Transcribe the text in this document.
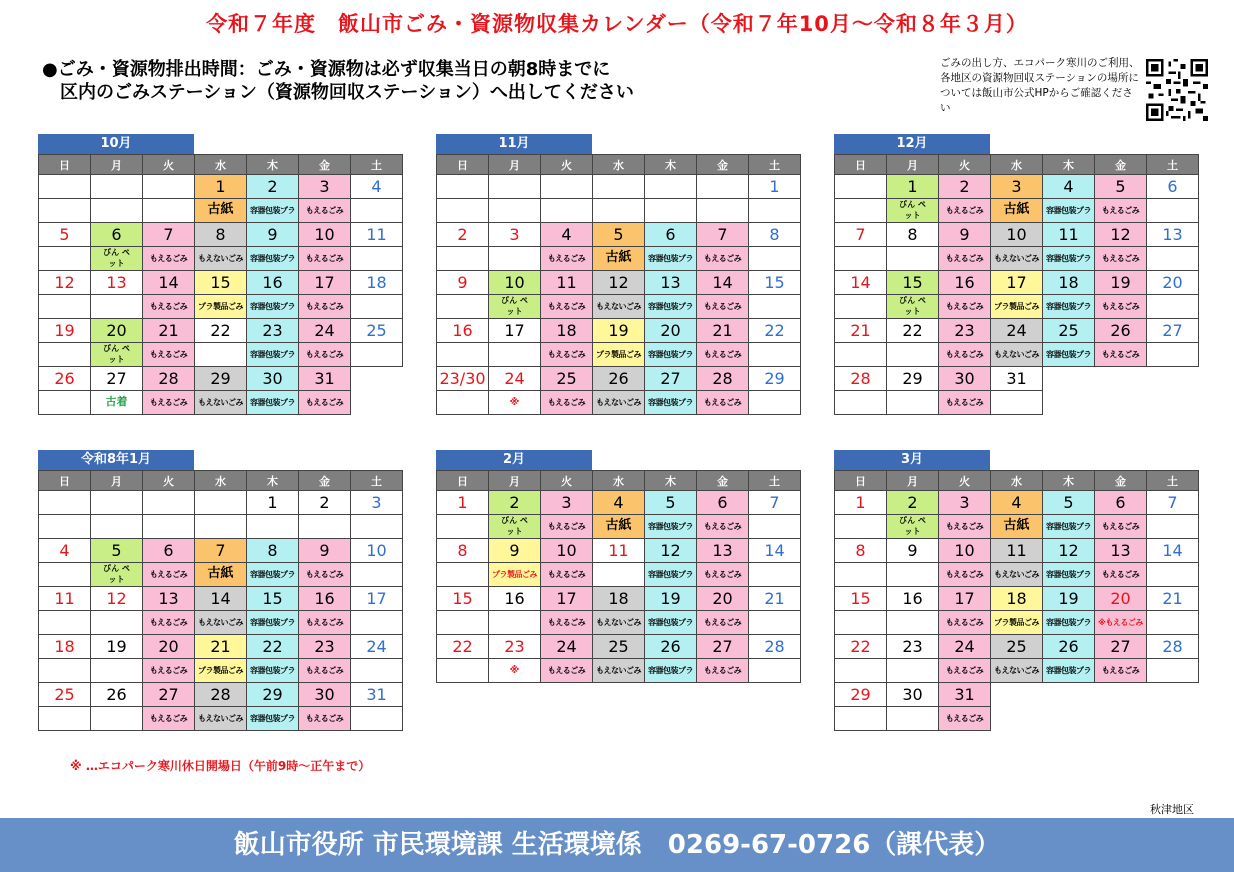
令和７年度　飯山市ごみ・資源物収集カレンダー（令和７年10月～令和８年３月）
●ごみ・資源物排出時間：ごみ・資源物は必ず収集当日の朝8時までに
区内のごみステーション（資源物回収ステーション）へ出してください
ごみの出し方、エコパーク寒川のご利用、各地区の資源物回収ステーションの場所については飯山市公式HPからご確認ください
10月
日	月	火	水	木	金	土
			1	2	3	4
			古紙	容器包装プラ	もえるごみ	
5	6	7	8	9	10	11
	びん ペット	もえるごみ	もえないごみ	容器包装プラ	もえるごみ	
12	13	14	15	16	17	18
		もえるごみ	プラ製品ごみ	容器包装プラ	もえるごみ	
19	20	21	22	23	24	25
	びん ペット	もえるごみ		容器包装プラ	もえるごみ	
26	27	28	29	30	31	
	古着	もえるごみ	もえないごみ	容器包装プラ	もえるごみ	
11月
日	月	火	水	木	金	土
						1

2	3	4	5	6	7	8
		もえるごみ	古紙	容器包装プラ	もえるごみ	
9	10	11	12	13	14	15
	びん ペット	もえるごみ	もえないごみ	容器包装プラ	もえるごみ	
16	17	18	19	20	21	22
		もえるごみ	プラ製品ごみ	容器包装プラ	もえるごみ	
23/30	24	25	26	27	28	29
	※	もえるごみ	もえないごみ	容器包装プラ	もえるごみ	
12月
日	月	火	水	木	金	土
	1	2	3	4	5	6
	びん ペット	もえるごみ	古紙	容器包装プラ	もえるごみ	
7	8	9	10	11	12	13
		もえるごみ	もえないごみ	容器包装プラ	もえるごみ	
14	15	16	17	18	19	20
	びん ペット	もえるごみ	プラ製品ごみ	容器包装プラ	もえるごみ	
21	22	23	24	25	26	27
		もえるごみ	もえないごみ	容器包装プラ	もえるごみ	
28	29	30	31			
		もえるごみ				
令和8年1月
日	月	火	水	木	金	土
				1	2	3

4	5	6	7	8	9	10
	びん ペット	もえるごみ	古紙	容器包装プラ	もえるごみ	
11	12	13	14	15	16	17
		もえるごみ	もえないごみ	容器包装プラ	もえるごみ	
18	19	20	21	22	23	24
		もえるごみ	プラ製品ごみ	容器包装プラ	もえるごみ	
25	26	27	28	29	30	31
		もえるごみ	もえないごみ	容器包装プラ	もえるごみ	
2月
日	月	火	水	木	金	土
1	2	3	4	5	6	7
	びん ペット	もえるごみ	古紙	容器包装プラ	もえるごみ	
8	9	10	11	12	13	14
	プラ製品ごみ	もえるごみ		容器包装プラ	もえるごみ	
15	16	17	18	19	20	21
		もえるごみ	もえないごみ	容器包装プラ	もえるごみ	
22	23	24	25	26	27	28
	※	もえるごみ	もえないごみ	容器包装プラ	もえるごみ	
3月
日	月	火	水	木	金	土
1	2	3	4	5	6	7
	びん ペット	もえるごみ	古紙	容器包装プラ	もえるごみ	
8	9	10	11	12	13	14
		もえるごみ	もえないごみ	容器包装プラ	もえるごみ	
15	16	17	18	19	20	21
		もえるごみ	プラ製品ごみ	容器包装プラ	※もえるごみ	
22	23	24	25	26	27	28
		もえるごみ	もえないごみ	容器包装プラ	もえるごみ	
29	30	31				
		もえるごみ				
※ …エコパーク寒川休日開場日（午前9時～正午まで）
秋津地区
飯山市役所 市民環境課 生活環境係　0269-67-0726（課代表）
